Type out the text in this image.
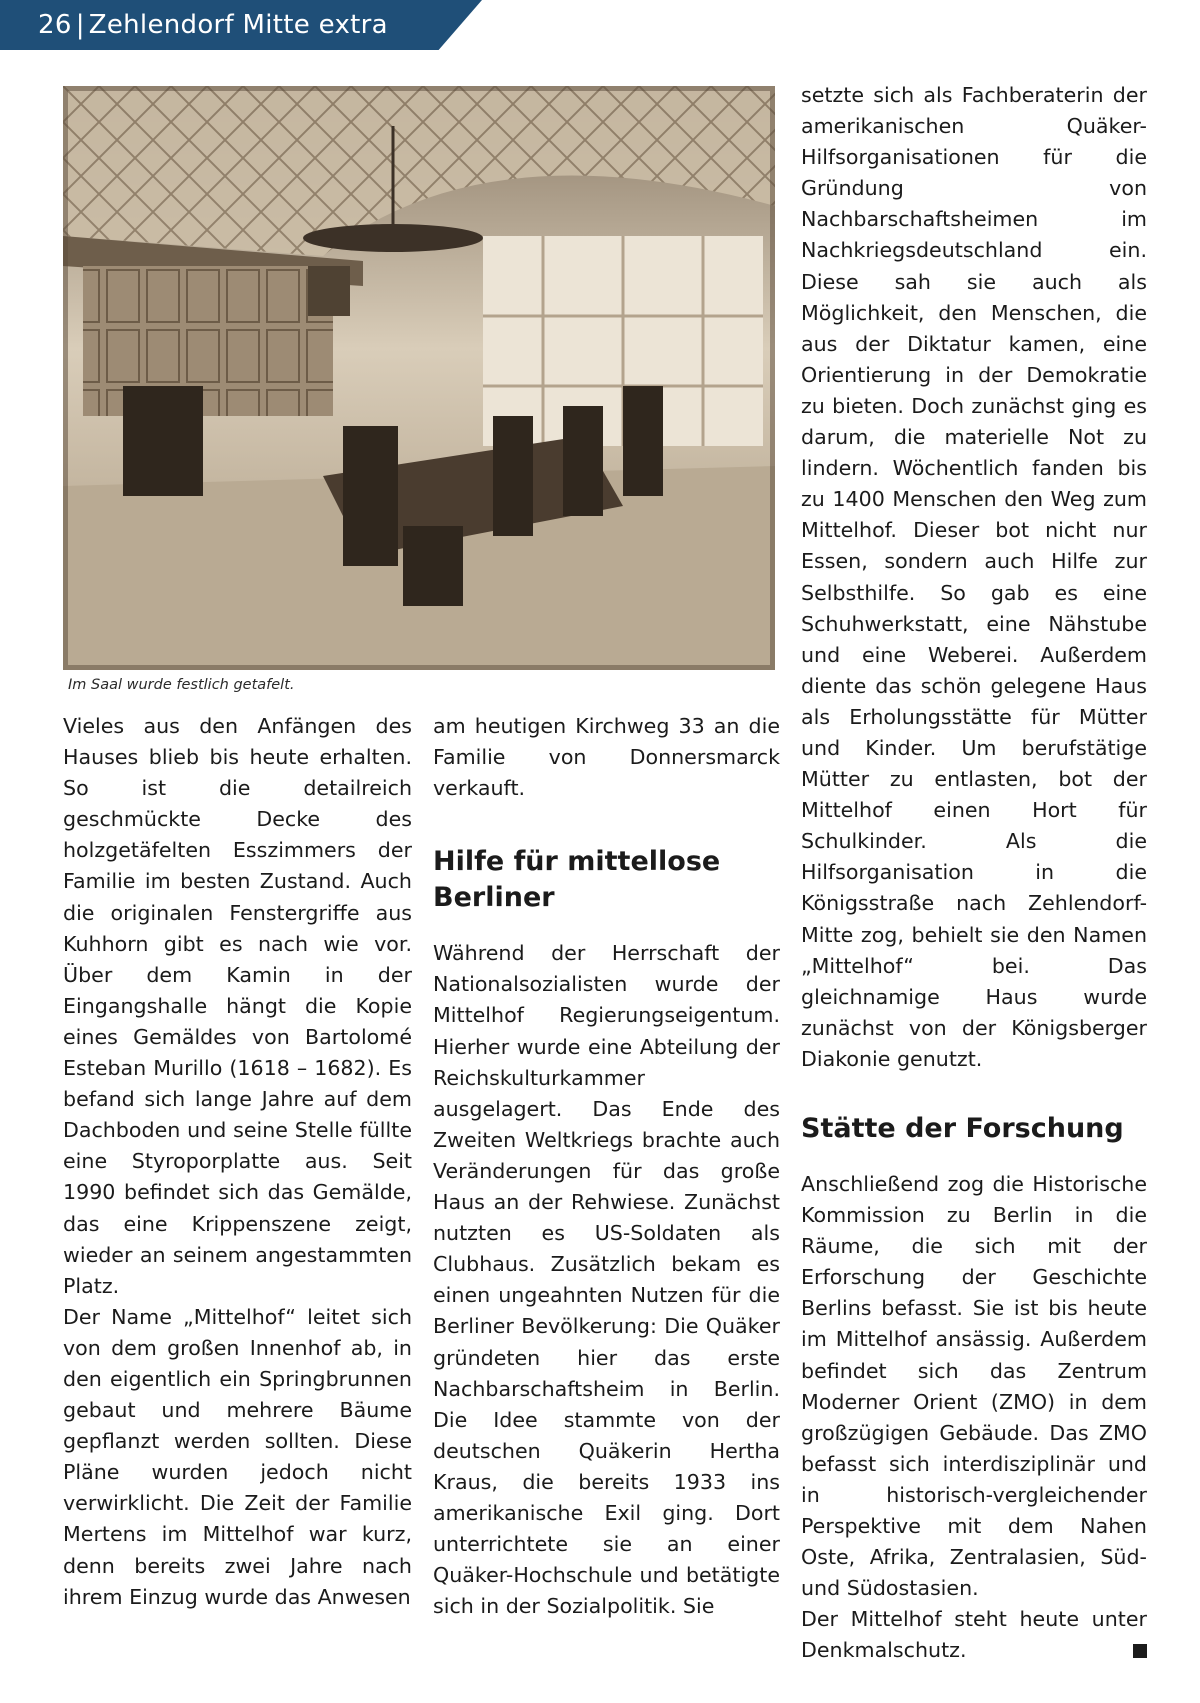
26 | Zehlendorf Mitte extra
Im Saal wurde festlich getafelt.

Vieles aus den Anfängen des Hauses blieb bis heute erhalten. So ist die detailreich geschmückte Decke des holzgetäfelten Esszimmers der Familie im besten Zustand. Auch die originalen Fenstergriffe aus Kuhhorn gibt es nach wie vor. Über dem Kamin in der Eingangshalle hängt die Kopie eines Gemäldes von Bartolomé Esteban Murillo (1618 – 1682). Es befand sich lange Jahre auf dem Dachboden und seine Stelle füllte eine Styroporplatte aus. Seit 1990 befindet sich das Gemälde, das eine Krippenszene zeigt, wieder an seinem angestammten Platz.

Der Name „Mittelhof“ leitet sich von dem großen Innenhof ab, in den eigentlich ein Springbrunnen gebaut und mehrere Bäume gepflanzt werden sollten. Diese Pläne wurden jedoch nicht verwirklicht. Die Zeit der Familie Mertens im Mittelhof war kurz, denn bereits zwei Jahre nach ihrem Einzug wurde das Anwesen

am heutigen Kirchweg 33 an die Familie von Donnersmarck verkauft.

Hilfe für mittellose Berliner

Während der Herrschaft der Nationalsozialisten wurde der Mittelhof Regierungseigentum. Hierher wurde eine Abteilung der Reichskulturkammer ausgelagert. Das Ende des Zweiten Weltkriegs brachte auch Veränderungen für das große Haus an der Rehwiese. Zunächst nutzten es US-Soldaten als Clubhaus. Zusätzlich bekam es einen ungeahnten Nutzen für die Berliner Bevölkerung: Die Quäker gründeten hier das erste Nachbarschaftsheim in Berlin. Die Idee stammte von der deutschen Quäkerin Hertha Kraus, die bereits 1933 ins amerikanische Exil ging. Dort unterrichtete sie an einer Quäker-Hochschule und betätigte sich in der Sozialpolitik. Sie

setzte sich als Fachberaterin der amerikanischen Quäker-Hilfsorganisationen für die Gründung von Nachbarschaftsheimen im Nachkriegsdeutschland ein. Diese sah sie auch als Möglichkeit, den Menschen, die aus der Diktatur kamen, eine Orientierung in der Demokratie zu bieten. Doch zunächst ging es darum, die materielle Not zu lindern. Wöchentlich fanden bis zu 1400 Menschen den Weg zum Mittelhof. Dieser bot nicht nur Essen, sondern auch Hilfe zur Selbsthilfe. So gab es eine Schuhwerkstatt, eine Nähstube und eine Weberei. Außerdem diente das schön gelegene Haus als Erholungsstätte für Mütter und Kinder. Um berufstätige Mütter zu entlasten, bot der Mittelhof einen Hort für Schulkinder. Als die Hilfsorganisation in die Königsstraße nach Zehlendorf-Mitte zog, behielt sie den Namen „Mittelhof“ bei. Das gleichnamige Haus wurde zunächst von der Königsberger Diakonie genutzt.

Stätte der Forschung

Anschließend zog die Historische Kommission zu Berlin in die Räume, die sich mit der Erforschung der Geschichte Berlins befasst. Sie ist bis heute im Mittelhof ansässig. Außerdem befindet sich das Zentrum Moderner Orient (ZMO) in dem großzügigen Gebäude. Das ZMO befasst sich interdisziplinär und in historisch-vergleichender Perspektive mit dem Nahen Oste, Afrika, Zentralasien, Süd- und Südostasien.

Der Mittelhof steht heute unter Denkmalschutz.
